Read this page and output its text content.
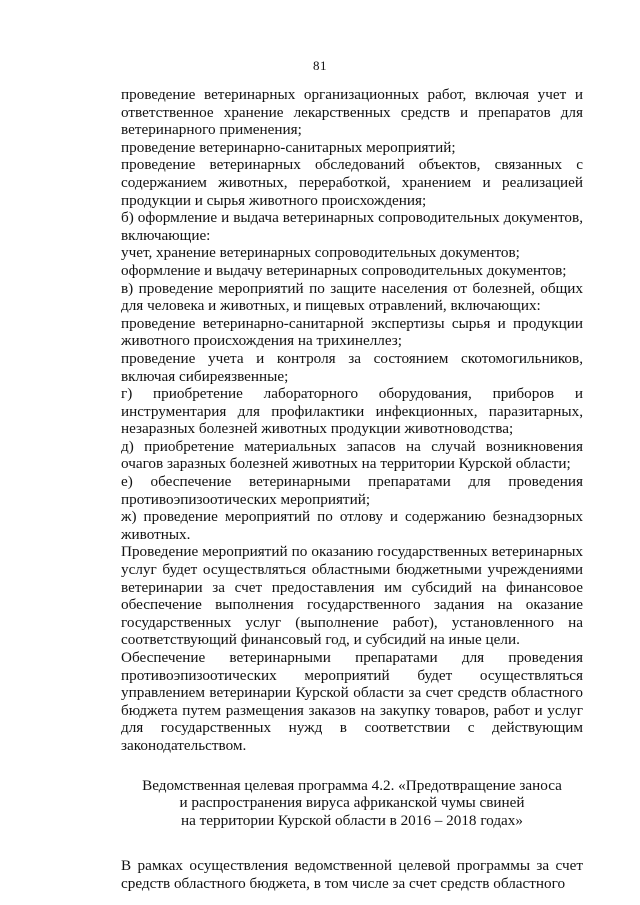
81

проведение ветеринарных организационных работ, включая учет и ответственное хранение лекарственных средств и препаратов для ветеринарного применения;

проведение ветеринарно-санитарных мероприятий;

проведение ветеринарных обследований объектов, связанных с содержанием животных, переработкой, хранением и реализацией продукции и сырья животного происхождения;

б) оформление и выдача ветеринарных сопроводительных документов, включающие:

учет, хранение ветеринарных сопроводительных документов;

оформление и выдачу ветеринарных сопроводительных документов;

в) проведение мероприятий по защите населения от болезней, общих для человека и животных, и пищевых отравлений, включающих:

проведение ветеринарно-санитарной экспертизы сырья и продукции животного происхождения на трихинеллез;

проведение учета и контроля за состоянием скотомогильников, включая сибиреязвенные;

г) приобретение лабораторного оборудования, приборов и инструментария для профилактики инфекционных, паразитарных, незаразных болезней животных продукции животноводства;

д) приобретение материальных запасов на случай возникновения очагов заразных болезней животных на территории Курской области;

е) обеспечение ветеринарными препаратами для проведения противоэпизоотических мероприятий;

ж) проведение мероприятий по отлову и содержанию безнадзорных животных.

Проведение мероприятий по оказанию государственных ветеринарных услуг будет осуществляться областными бюджетными учреждениями ветеринарии за счет предоставления им субсидий на финансовое обеспечение выполнения государственного задания на оказание государственных услуг (выполнение работ), установленного на соответствующий финансовый год, и субсидий на иные цели.

Обеспечение ветеринарными препаратами для проведения противоэпизоотических мероприятий будет осуществляться управлением ветеринарии Курской области за счет средств областного бюджета путем размещения заказов на закупку товаров, работ и услуг для государственных нужд в соответствии с действующим законодательством.

Ведомственная целевая программа 4.2. «Предотвращение заноса
и распространения вируса африканской чумы свиней
на территории Курской области в 2016 – 2018 годах»

В рамках осуществления ведомственной целевой программы за счет средств областного бюджета, в том числе за счет средств областного
